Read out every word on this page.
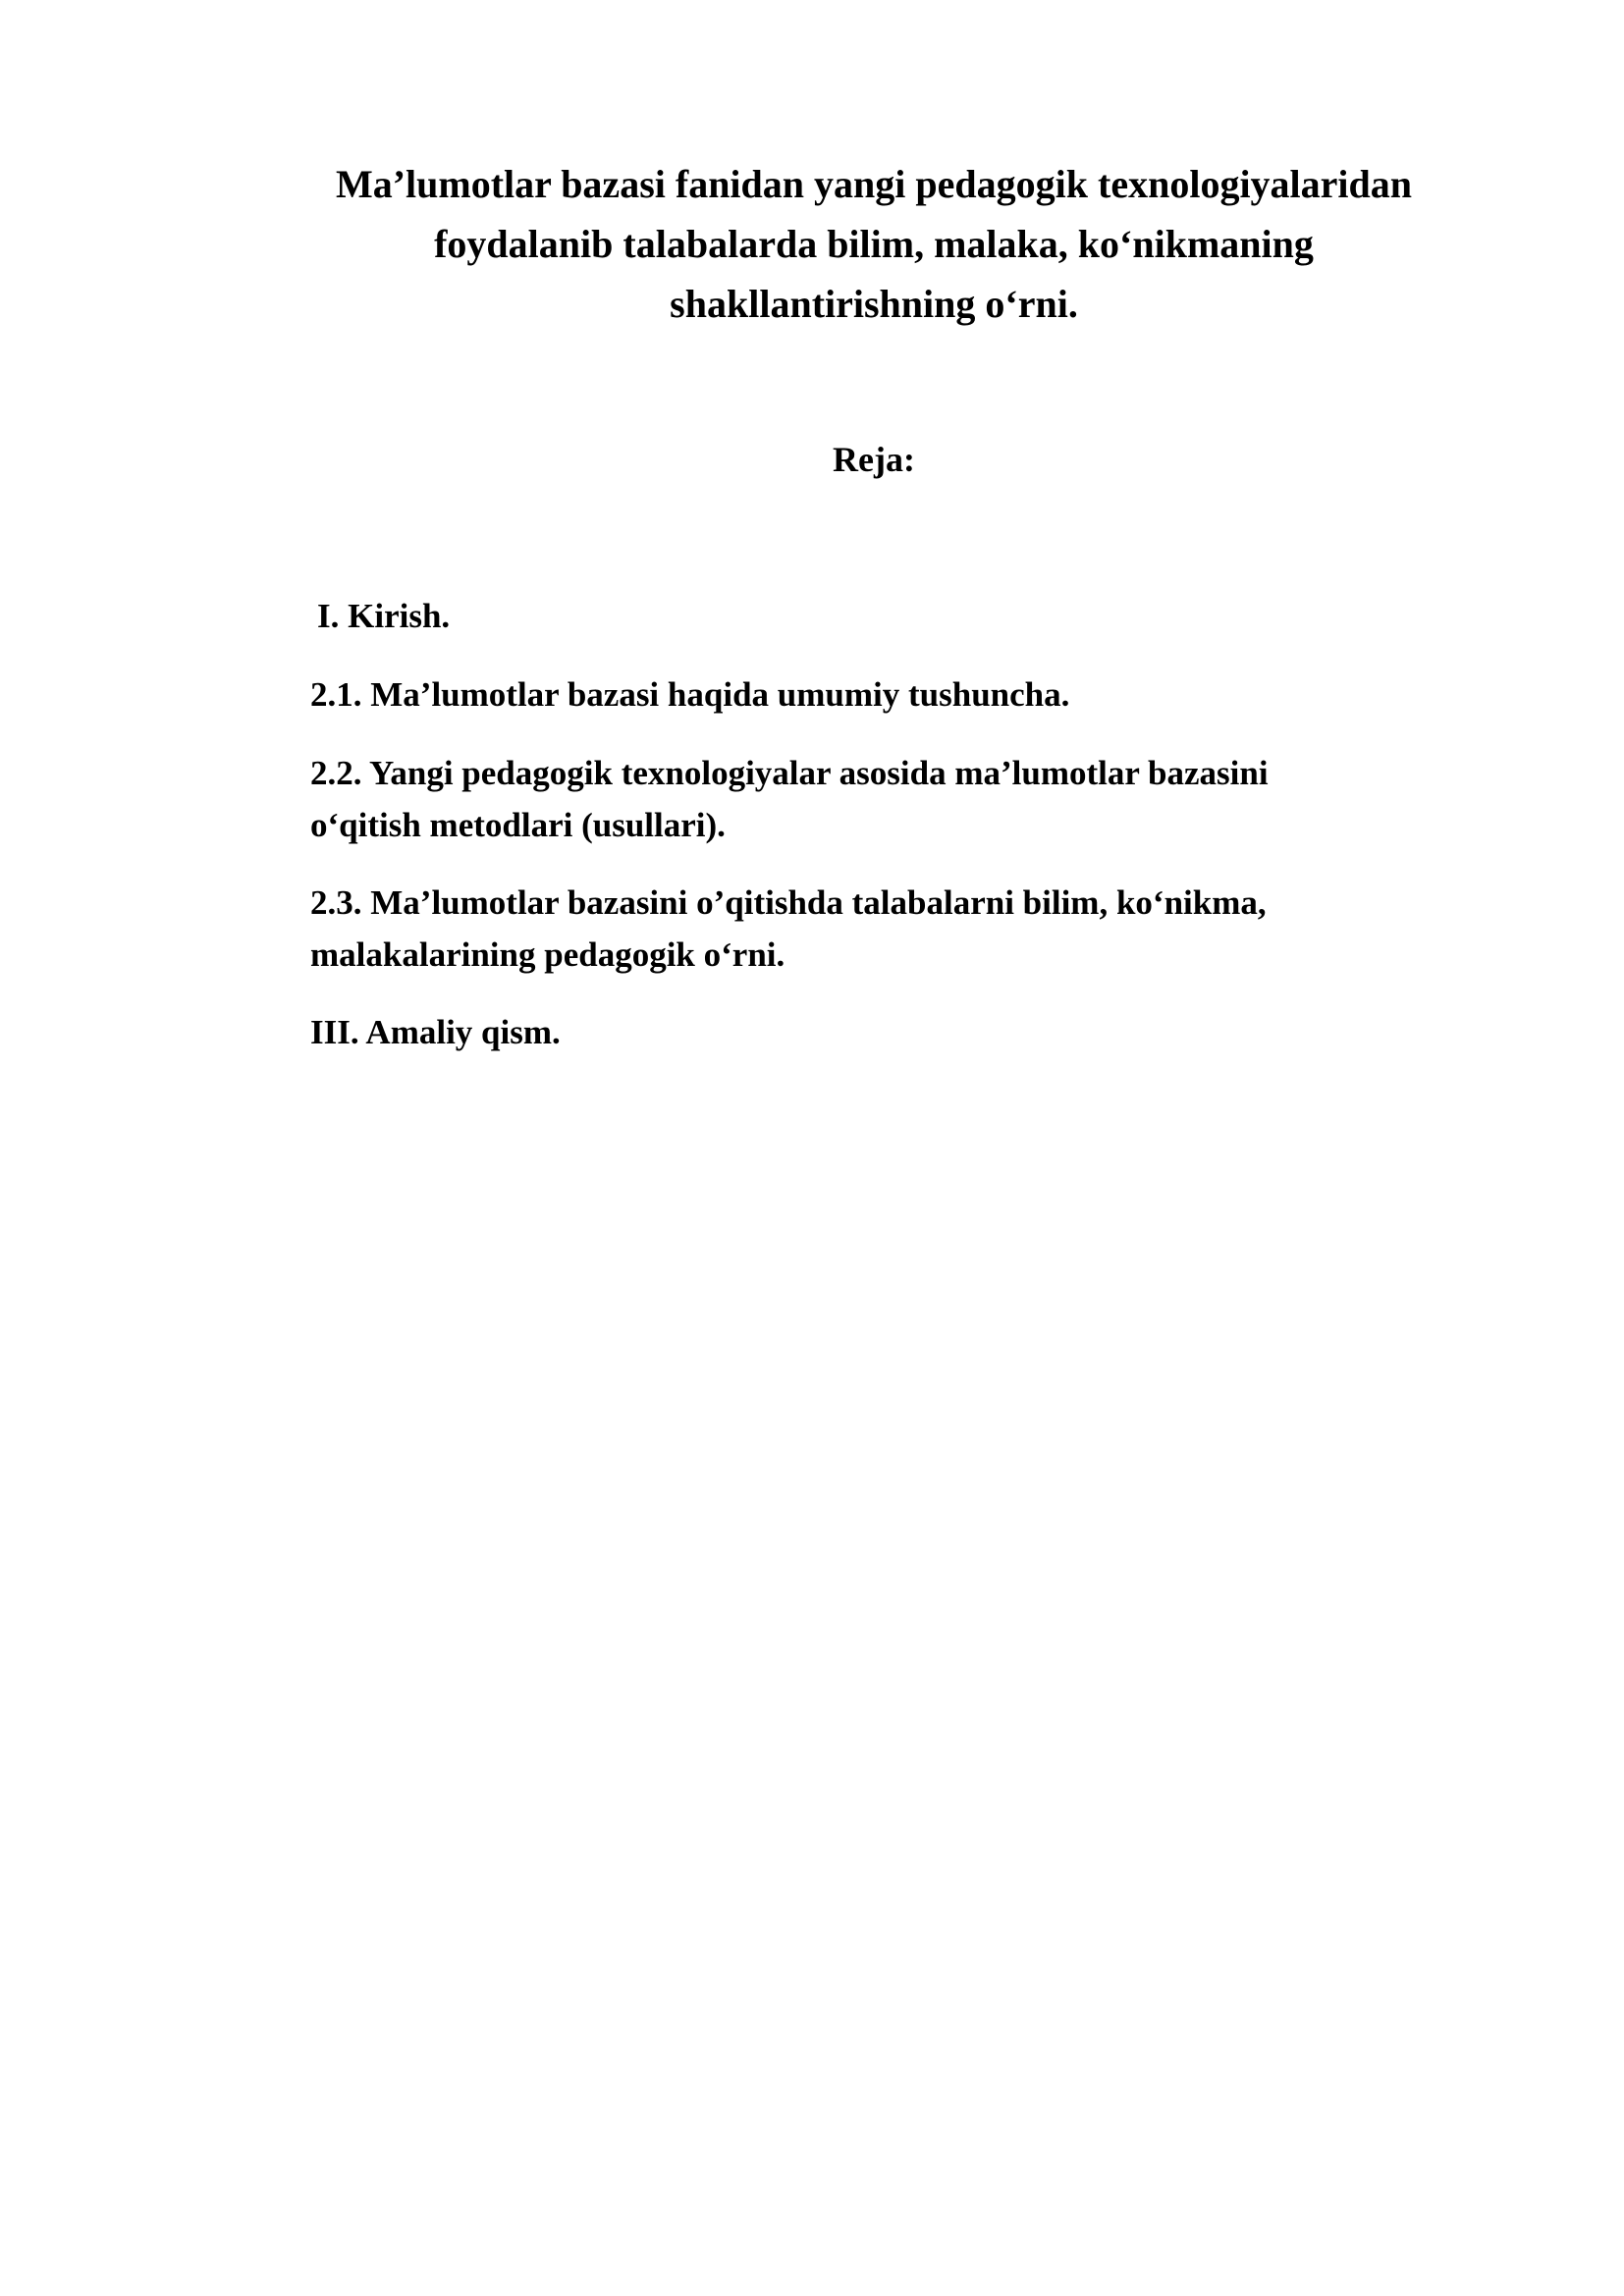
Ma’lumotlar bazasi fanidan yangi pedagogik texnologiyalaridan
foydalanib talabalarda bilim, malaka, ko‘nikmaning
shakllantirishning o‘rni.
Reja:
I. Kirish.
2.1. Ma’lumotlar bazasi haqida umumiy tushuncha.
2.2. Yangi pedagogik texnologiyalar asosida ma’lumotlar bazasini
o‘qitish metodlari (usullari).
2.3. Ma’lumotlar bazasini o’qitishda talabalarni bilim, ko‘nikma,
malakalarining pedagogik o‘rni.
III. Amaliy qism.
